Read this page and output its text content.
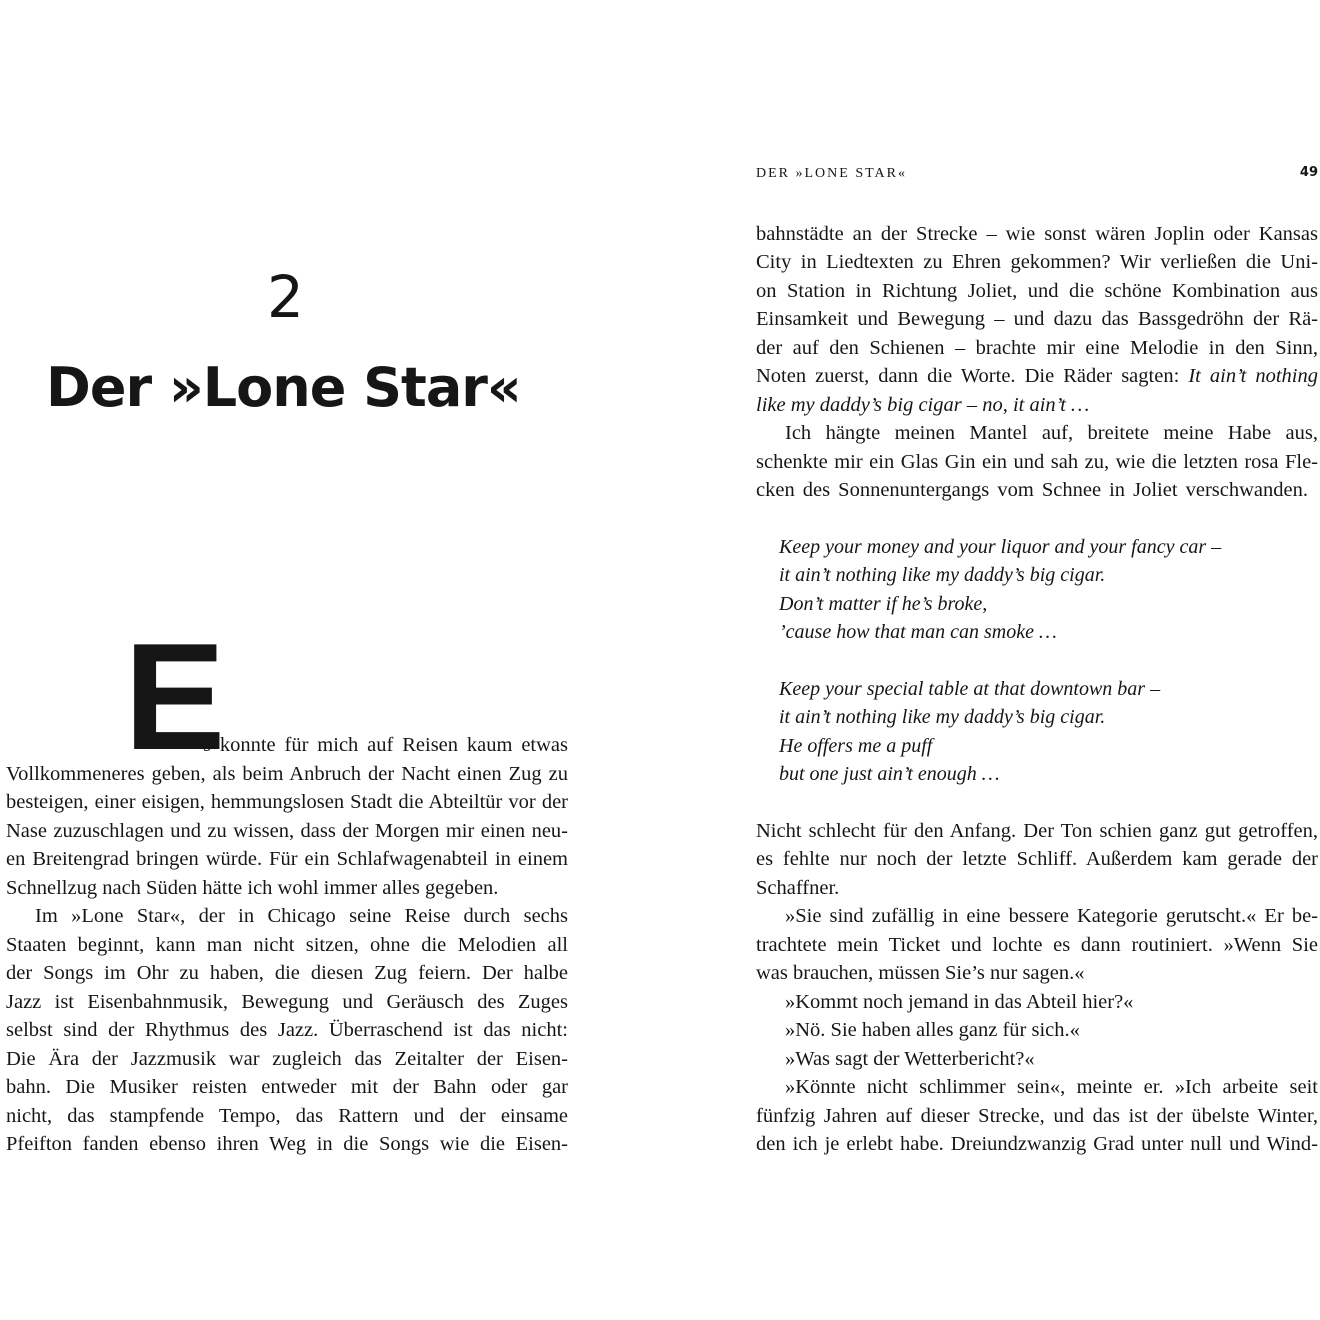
2
Der »Lone Star«
E
s konnte für mich auf Reisen kaum etwas
Vollkommeneres geben, als beim Anbruch der Nacht einen Zug zu
besteigen, einer eisigen, hemmungslosen Stadt die Abteiltür vor der
Nase zuzuschlagen und zu wissen, dass der Morgen mir einen neu-
en Breitengrad bringen würde. Für ein Schlafwagenabteil in einem
Schnellzug nach Süden hätte ich wohl immer alles gegeben.
Im »Lone Star«, der in Chicago seine Reise durch sechs
Staaten beginnt, kann man nicht sitzen, ohne die Melodien all
der Songs im Ohr zu haben, die diesen Zug feiern. Der halbe
Jazz ist Eisenbahnmusik, Bewegung und Geräusch des Zuges
selbst sind der Rhythmus des Jazz. Überraschend ist das nicht:
Die Ära der Jazzmusik war zugleich das Zeitalter der Eisen-
bahn. Die Musiker reisten entweder mit der Bahn oder gar
nicht, das stampfende Tempo, das Rattern und der einsame
Pfeifton fanden ebenso ihren Weg in die Songs wie die Eisen-
DER »LONE STAR«	49
bahnstädte an der Strecke – wie sonst wären Joplin oder Kansas
City in Liedtexten zu Ehren gekommen? Wir verließen die Uni-
on Station in Richtung Joliet, und die schöne Kombination aus
Einsamkeit und Bewegung – und dazu das Bassgedröhn der Rä-
der auf den Schienen – brachte mir eine Melodie in den Sinn,
Noten zuerst, dann die Worte. Die Räder sagten: It ain’t nothing
like my daddy’s big cigar – no, it ain’t …
Ich hängte meinen Mantel auf, breitete meine Habe aus,
schenkte mir ein Glas Gin ein und sah zu, wie die letzten rosa Fle-
cken des Sonnenuntergangs vom Schnee in Joliet verschwanden.
Keep your money and your liquor and your fancy car –
it ain’t nothing like my daddy’s big cigar.
Don’t matter if he’s broke,
’cause how that man can smoke …
Keep your special table at that downtown bar –
it ain’t nothing like my daddy’s big cigar.
He offers me a puff
but one just ain’t enough …
Nicht schlecht für den Anfang. Der Ton schien ganz gut getroffen,
es fehlte nur noch der letzte Schliff. Außerdem kam gerade der
Schaffner.
»Sie sind zufällig in eine bessere Kategorie gerutscht.« Er be-
trachtete mein Ticket und lochte es dann routiniert. »Wenn Sie
was brauchen, müssen Sie’s nur sagen.«
»Kommt noch jemand in das Abteil hier?«
»Nö. Sie haben alles ganz für sich.«
»Was sagt der Wetterbericht?«
»Könnte nicht schlimmer sein«, meinte er. »Ich arbeite seit
fünfzig Jahren auf dieser Strecke, und das ist der übelste Winter,
den ich je erlebt habe. Dreiundzwanzig Grad unter null und Wind-
